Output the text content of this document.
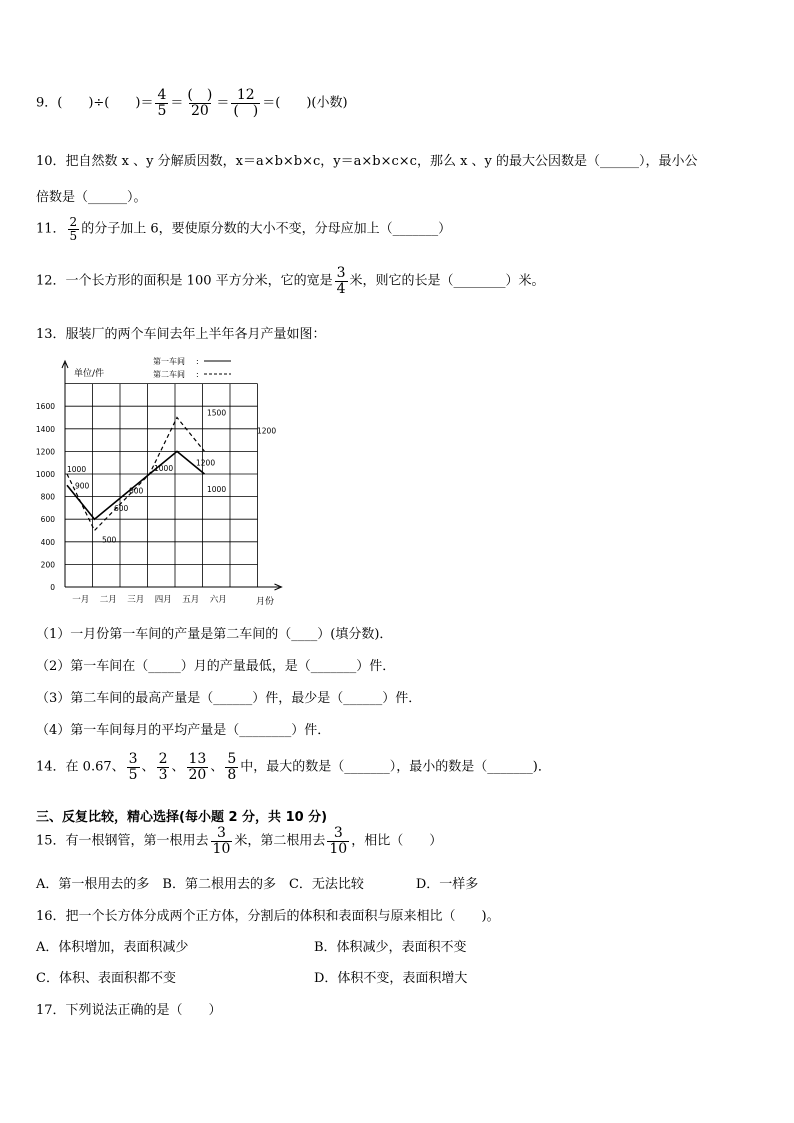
9．(　　)÷(　　)＝ $\frac{4}{5} = \frac{( )}{20} = \frac{12}{( )}$ ＝(　　)(小数)
10．把自然数 x 、y 分解质因数，x＝a×b×b×c，y＝a×b×c×c，那么 x 、y 的最大公因数是（______），最小公
倍数是（______）。
11． $\frac{2}{5}$ 的分子加上 6，要使原分数的大小不变，分母应加上（_______）
12．一个长方形的面积是 100 平方分米，它的宽是 $\frac{3}{4}$ 米，则它的长是（________）米。
13．服装厂的两个车间去年上半年各月产量如图：
0
200
400
600
800
1000
1200
1400
1600
一月 二月 三月 四月 五月 六月
1000
900
600
800
500
1000
1500
1200
1200
1000
单位/件
月份
第一车间 :
第二车间 :
（1）一月份第一车间的产量是第二车间的（____）(填分数)．
（2）第一车间在（_____）月的产量最低，是（_______）件．
（3）第二车间的最高产量是（______）件，最少是（______）件．
（4）第一车间每月的平均产量是（________）件．
14．在 0.67、 $\frac{3}{5}$ 、 $\frac{2}{3}$ 、 $\frac{13}{20}$ 、 $\frac{5}{8}$ 中，最大的数是（_______），最小的数是（_______)．
三、反复比较，精心选择(每小题 2 分，共 10 分)
15．有一根钢管，第一根用去 $\frac{3}{10}$ 米，第二根用去 $\frac{3}{10}$ ，相比（　　）
A．第一根用去的多　B．第二根用去的多　C．无法比较　　　　D．一样多
16．把一个长方体分成两个正方体，分割后的体积和表面积与原来相比（　　)。
A．体积增加，表面积减少	B．体积减少，表面积不变
C．体积、表面积都不变	D．体积不变，表面积增大
17．下列说法正确的是（　　）
